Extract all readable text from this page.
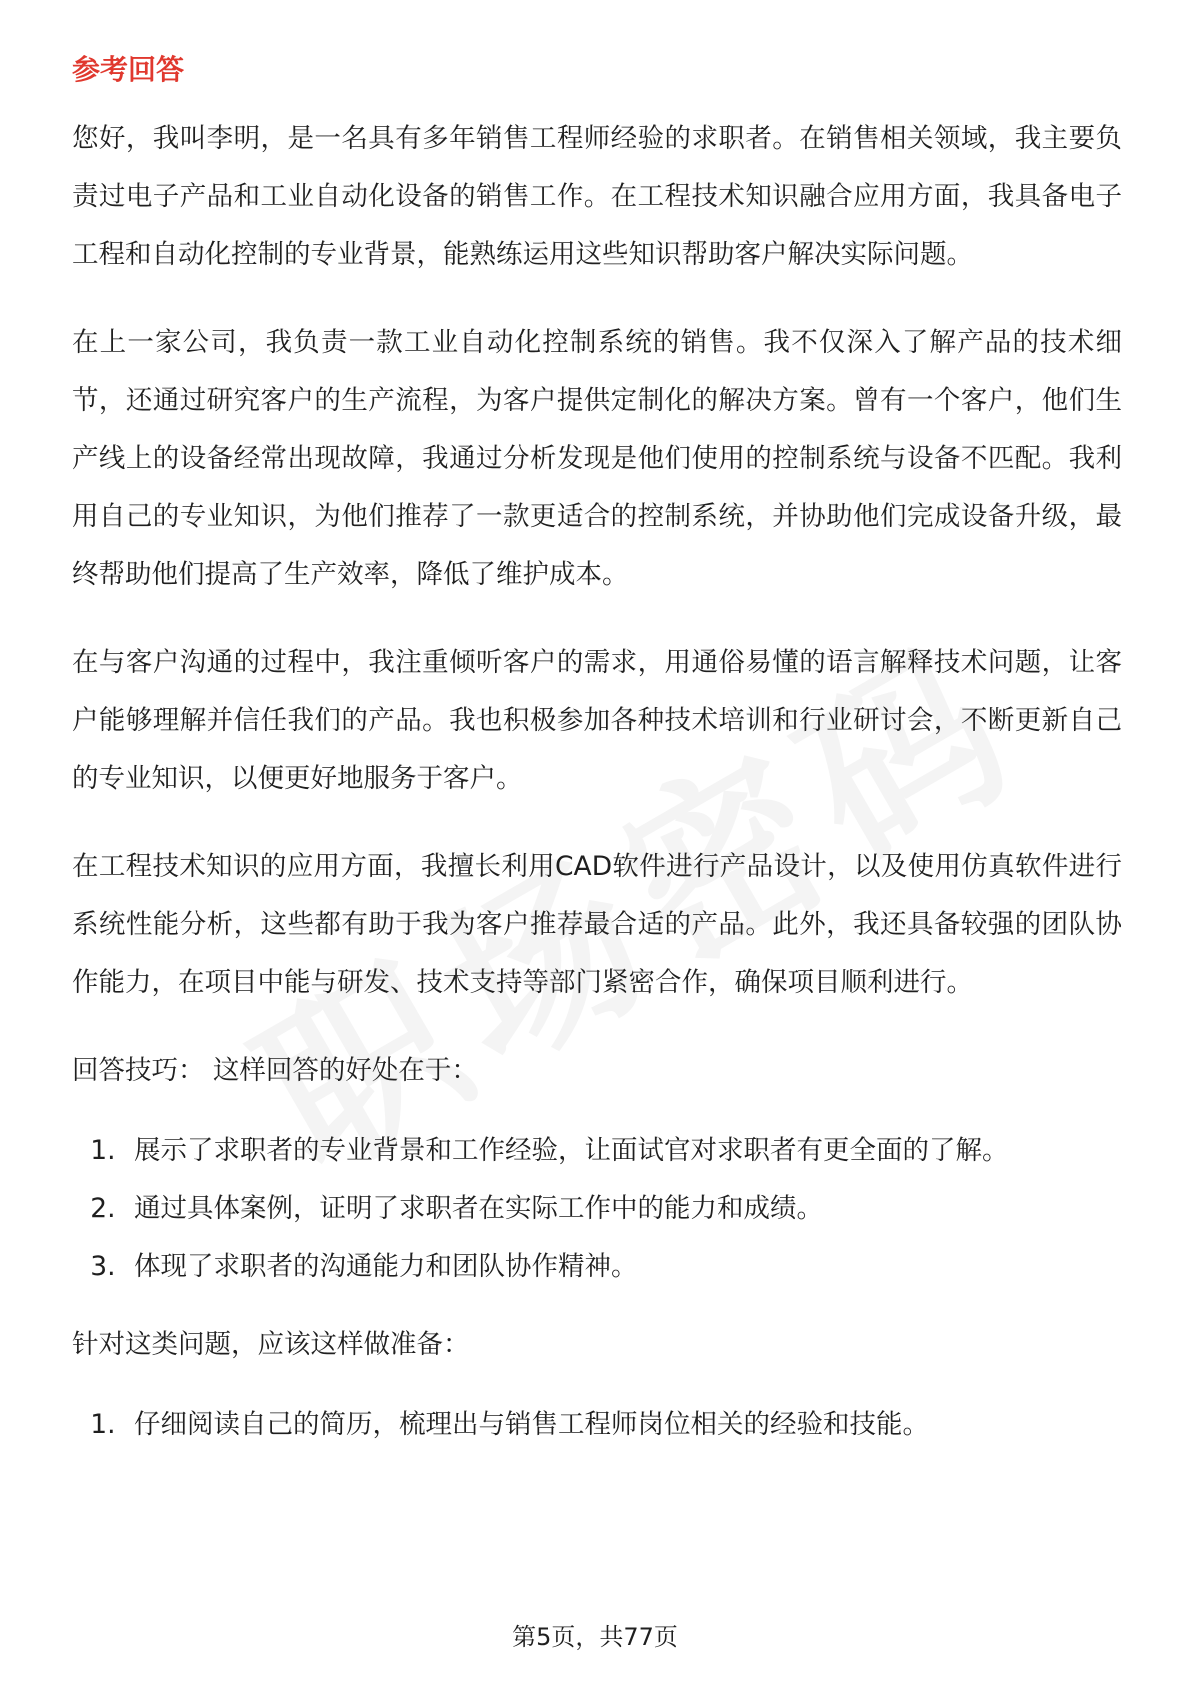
参考回答

您好，我叫李明，是一名具有多年销售工程师经验的求职者。在销售相关领域，我主要负责过电子产品和工业自动化设备的销售工作。在工程技术知识融合应用方面，我具备电子工程和自动化控制的专业背景，能熟练运用这些知识帮助客户解决实际问题。

在上一家公司，我负责一款工业自动化控制系统的销售。我不仅深入了解产品的技术细节，还通过研究客户的生产流程，为客户提供定制化的解决方案。曾有一个客户，他们生产线上的设备经常出现故障，我通过分析发现是他们使用的控制系统与设备不匹配。我利用自己的专业知识，为他们推荐了一款更适合的控制系统，并协助他们完成设备升级，最终帮助他们提高了生产效率，降低了维护成本。

在与客户沟通的过程中，我注重倾听客户的需求，用通俗易懂的语言解释技术问题，让客户能够理解并信任我们的产品。我也积极参加各种技术培训和行业研讨会，不断更新自己的专业知识，以便更好地服务于客户。

在工程技术知识的应用方面，我擅长利用CAD软件进行产品设计，以及使用仿真软件进行系统性能分析，这些都有助于我为客户推荐最合适的产品。此外，我还具备较强的团队协作能力，在项目中能与研发、技术支持等部门紧密合作，确保项目顺利进行。

回答技巧： 这样回答的好处在于：
1. 展示了求职者的专业背景和工作经验，让面试官对求职者有更全面的了解。
2. 通过具体案例，证明了求职者在实际工作中的能力和成绩。
3. 体现了求职者的沟通能力和团队协作精神。
针对这类问题，应该这样做准备：
1. 仔细阅读自己的简历，梳理出与销售工程师岗位相关的经验和技能。
第5页，共77页
